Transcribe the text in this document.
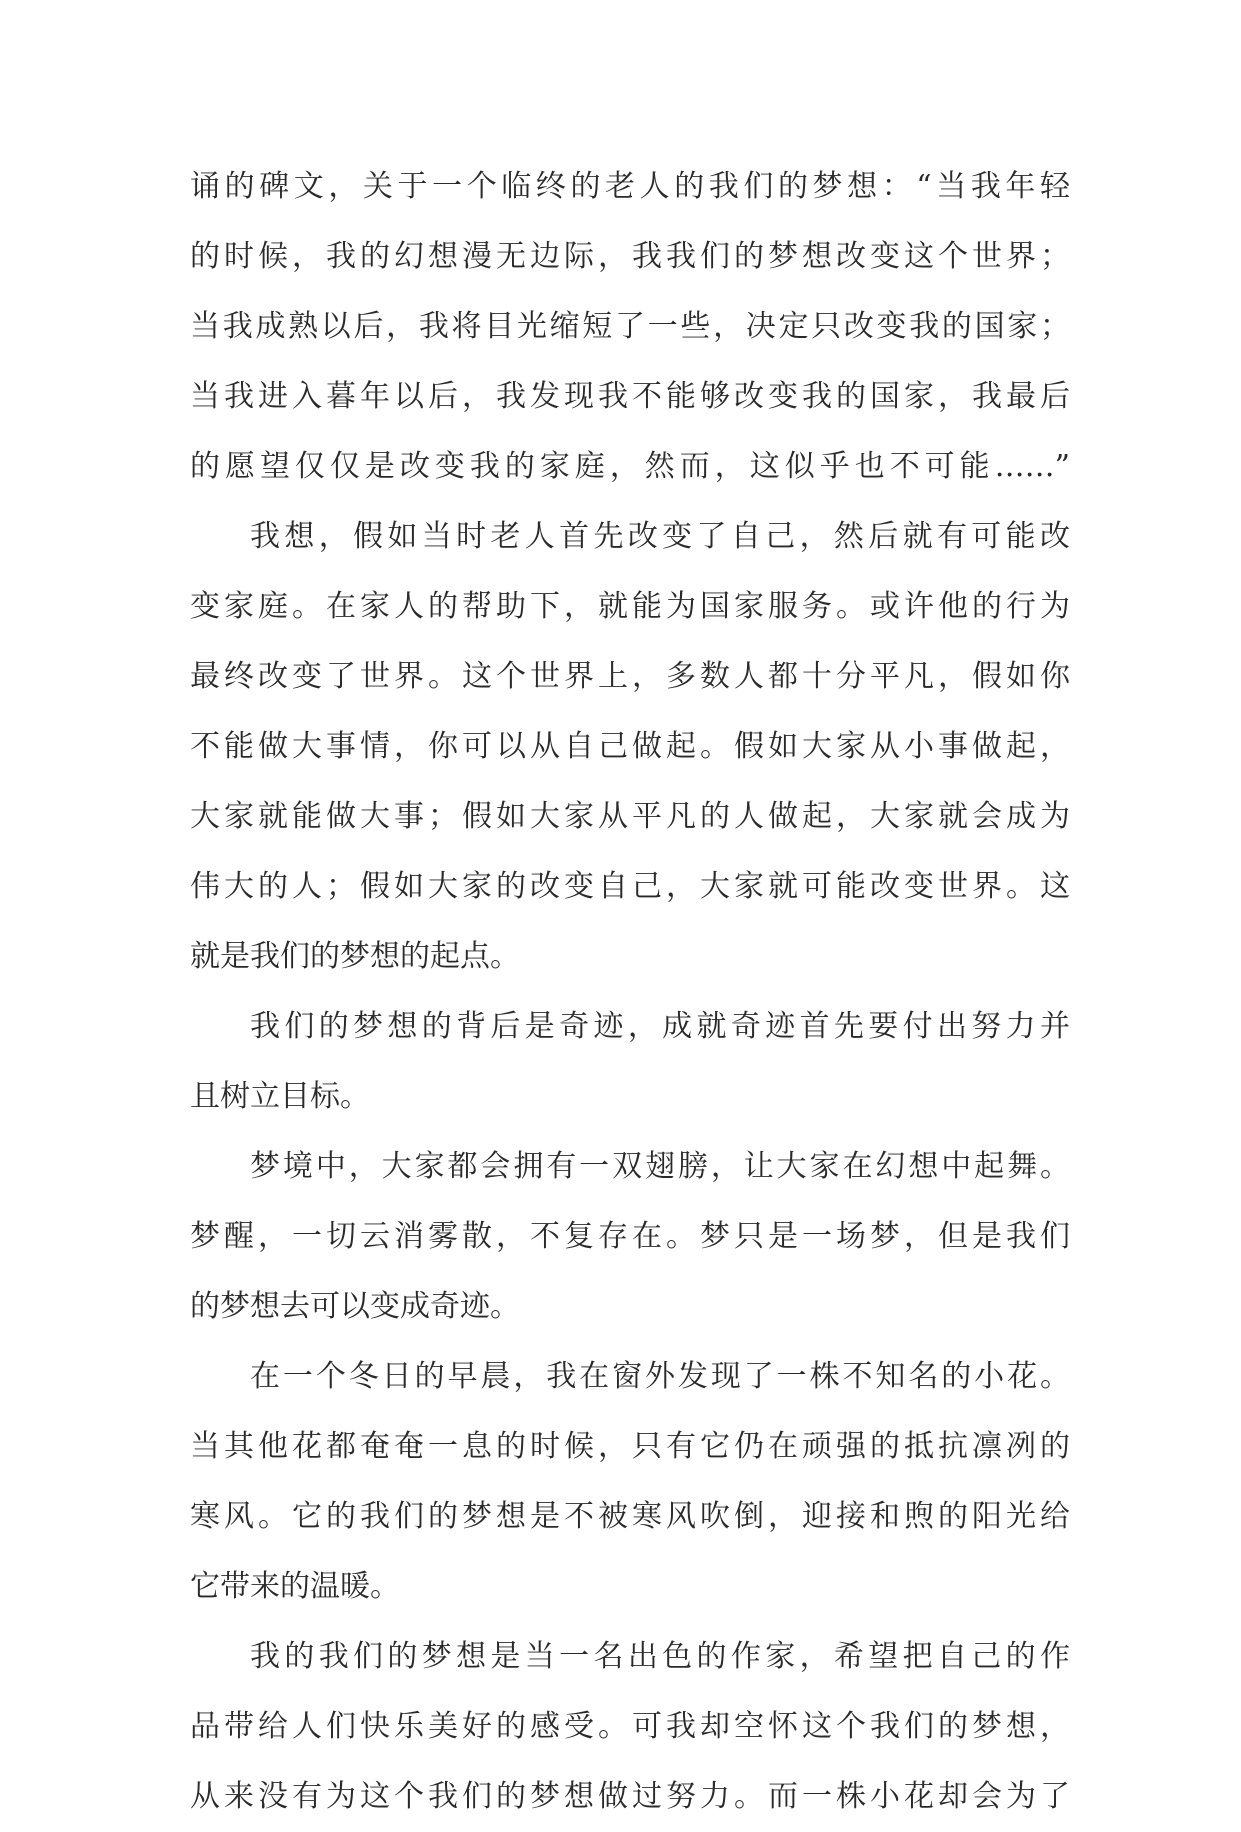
诵的碑文，关于一个临终的老人的我们的梦想：“当我年轻
的时候，我的幻想漫无边际，我我们的梦想改变这个世界；
当我成熟以后，我将目光缩短了一些，决定只改变我的国家；
当我进入暮年以后，我发现我不能够改变我的国家，我最后
的愿望仅仅是改变我的家庭，然而，这似乎也不可能……”
我想，假如当时老人首先改变了自己，然后就有可能改
变家庭。在家人的帮助下，就能为国家服务。或许他的行为
最终改变了世界。这个世界上，多数人都十分平凡，假如你
不能做大事情，你可以从自己做起。假如大家从小事做起，
大家就能做大事；假如大家从平凡的人做起，大家就会成为
伟大的人；假如大家的改变自己，大家就可能改变世界。这
就是我们的梦想的起点。
我们的梦想的背后是奇迹，成就奇迹首先要付出努力并
且树立目标。
梦境中，大家都会拥有一双翅膀，让大家在幻想中起舞。
梦醒，一切云消雾散，不复存在。梦只是一场梦，但是我们
的梦想去可以变成奇迹。
在一个冬日的早晨，我在窗外发现了一株不知名的小花。
当其他花都奄奄一息的时候，只有它仍在顽强的抵抗凛冽的
寒风。它的我们的梦想是不被寒风吹倒，迎接和煦的阳光给
它带来的温暖。
我的我们的梦想是当一名出色的作家，希望把自己的作
品带给人们快乐美好的感受。可我却空怀这个我们的梦想，
从来没有为这个我们的梦想做过努力。而一株小花却会为了
